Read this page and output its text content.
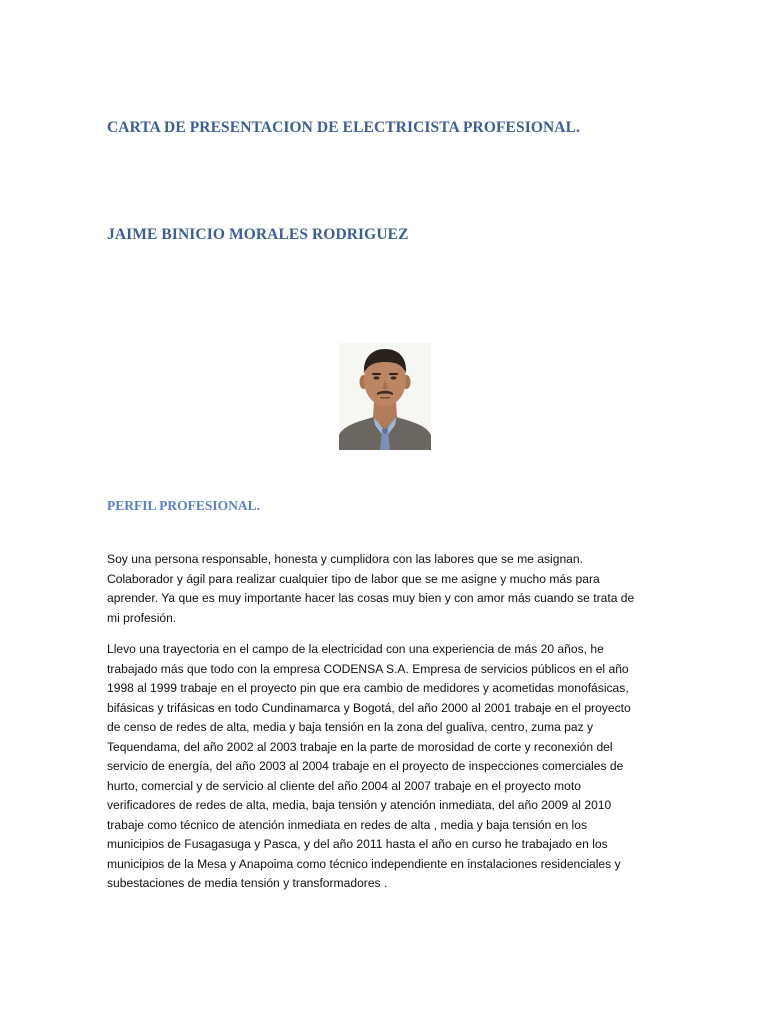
CARTA DE PRESENTACION DE ELECTRICISTA PROFESIONAL.
JAIME BINICIO MORALES RODRIGUEZ
PERFIL PROFESIONAL.

Soy una persona responsable, honesta y cumplidora con las labores que se me asignan.
Colaborador y ágil para realizar cualquier tipo de labor que se me asigne y mucho más para
aprender. Ya que es muy importante hacer las cosas muy bien y con amor más cuando se trata de
mi profesión.

Llevo una trayectoria en el campo de la electricidad con una experiencia de más 20 años, he
trabajado más que todo con la empresa CODENSA S.A. Empresa de servicios públicos en el año
1998 al 1999 trabaje en el proyecto pin que era cambio de medidores y acometidas monofásicas,
bifásicas y trifásicas en todo Cundinamarca y Bogotá, del año 2000 al 2001 trabaje en el proyecto
de censo de redes de alta, media y baja tensión en la zona del gualiva, centro, zuma paz y
Tequendama, del año 2002 al 2003 trabaje en la parte de morosidad de corte y reconexión del
servicio de energía, del año 2003 al 2004 trabaje en el proyecto de inspecciones comerciales de
hurto, comercial y de servicio al cliente del año 2004 al 2007 trabaje en el proyecto moto
verificadores de redes de alta, media, baja tensión y atención inmediata, del año 2009 al 2010
trabaje como técnico de atención inmediata en redes de alta , media y baja tensión en los
municipios de Fusagasuga y Pasca, y del año 2011 hasta el año en curso he trabajado en los
municipios de la Mesa y Anapoima como técnico independiente en instalaciones residenciales y
subestaciones de media tensión y transformadores .
